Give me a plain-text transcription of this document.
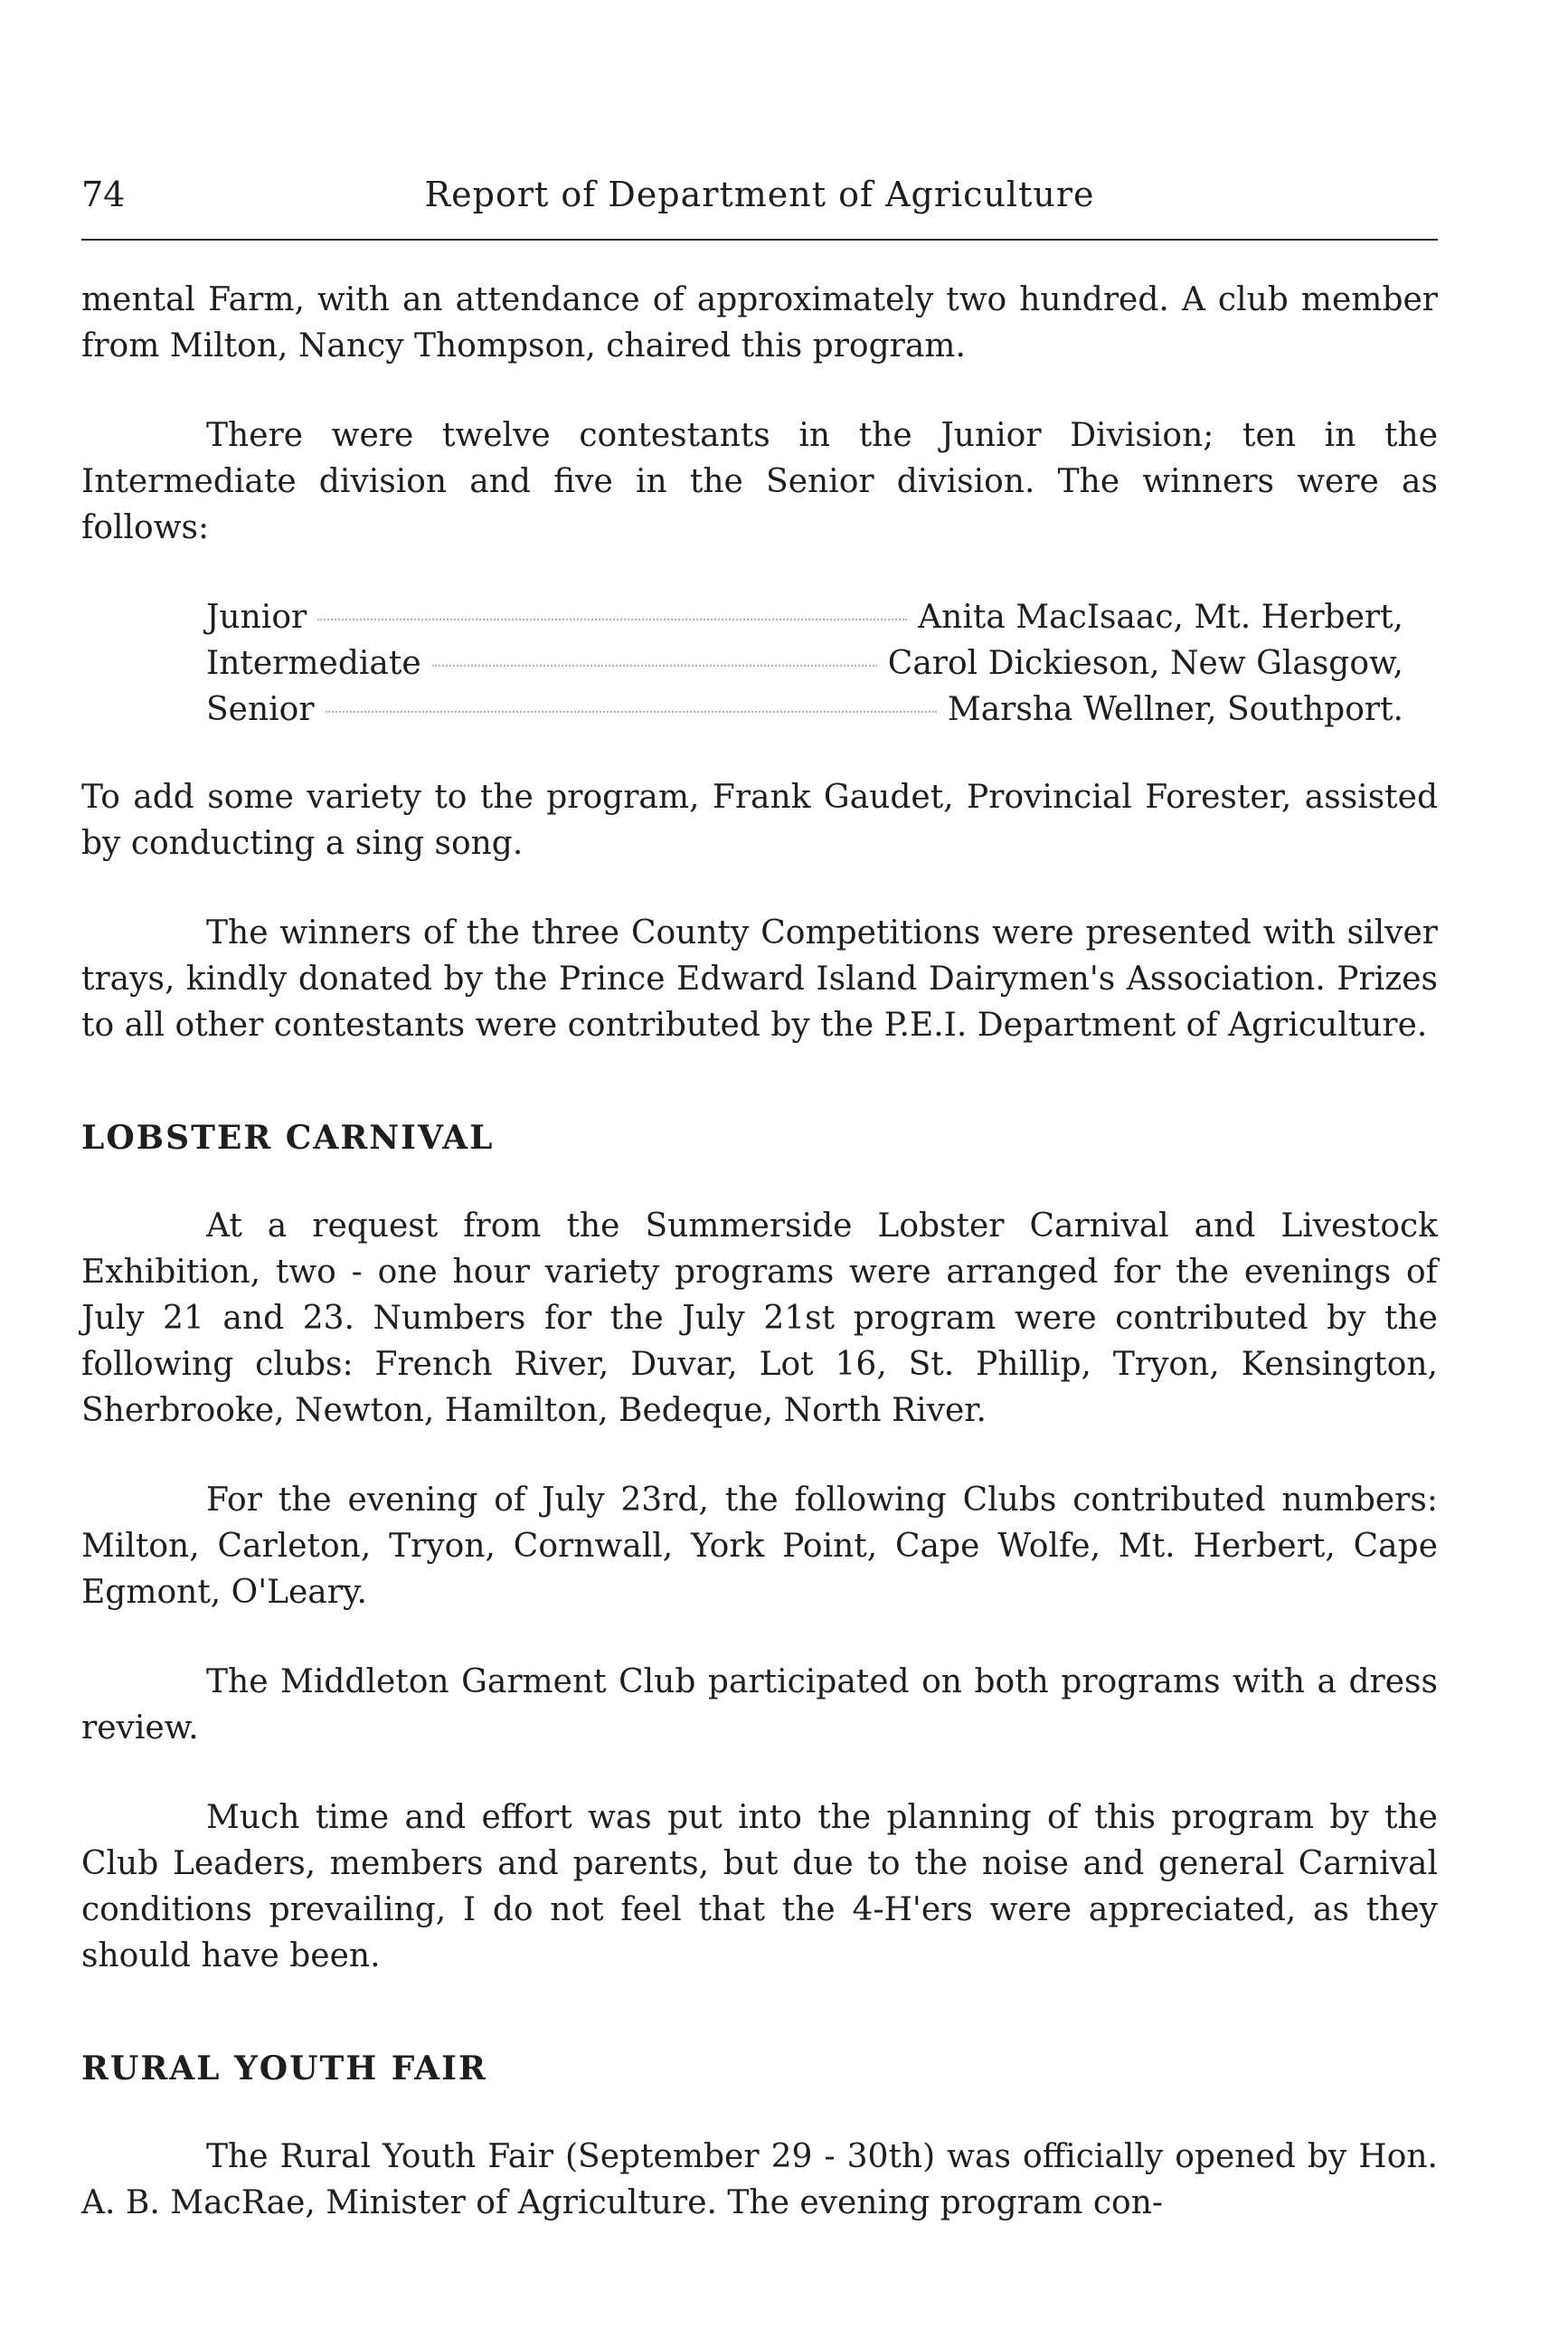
74	Report of Department of Agriculture

mental Farm, with an attendance of approximately two hundred. A club member from Milton, Nancy Thompson, chaired this program.

There were twelve contestants in the Junior Division; ten in the Intermediate division and five in the Senior division. The winners were as follows:

Junior	Anita MacIsaac, Mt. Herbert,
Intermediate	Carol Dickieson, New Glasgow,
Senior	Marsha Wellner, Southport.

To add some variety to the program, Frank Gaudet, Provincial Forester, assisted by conducting a sing song.

The winners of the three County Competitions were presented with silver trays, kindly donated by the Prince Edward Island Dairymen's Association. Prizes to all other contestants were contributed by the P.E.I. Department of Agriculture.

LOBSTER CARNIVAL

At a request from the Summerside Lobster Carnival and Livestock Exhibition, two - one hour variety programs were arranged for the evenings of July 21 and 23. Numbers for the July 21st program were contributed by the following clubs: French River, Duvar, Lot 16, St. Phillip, Tryon, Kensington, Sherbrooke, Newton, Hamilton, Bedeque, North River.

For the evening of July 23rd, the following Clubs contributed numbers: Milton, Carleton, Tryon, Cornwall, York Point, Cape Wolfe, Mt. Herbert, Cape Egmont, O'Leary.

The Middleton Garment Club participated on both programs with a dress review.

Much time and effort was put into the planning of this program by the Club Leaders, members and parents, but due to the noise and general Carnival conditions prevailing, I do not feel that the 4-H'ers were appreciated, as they should have been.

RURAL YOUTH FAIR

The Rural Youth Fair (September 29 - 30th) was officially opened by Hon. A. B. MacRae, Minister of Agriculture. The evening program con-
